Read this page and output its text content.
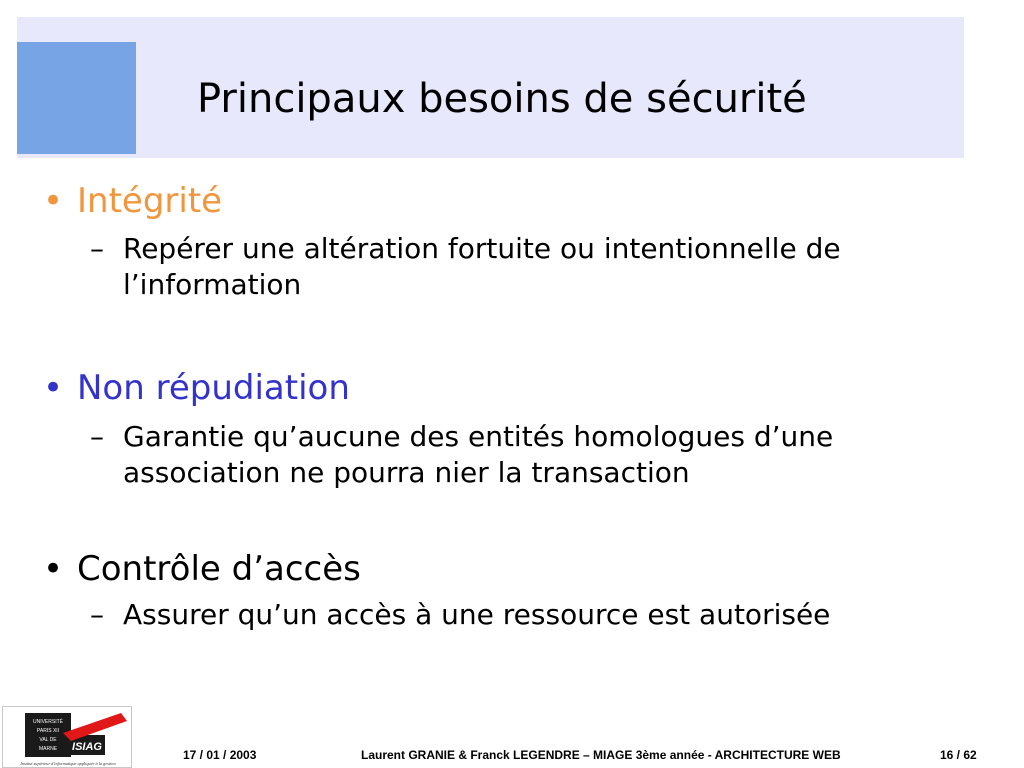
Principaux besoins de sécurité
• Intégrité
– Repérer une altération fortuite ou intentionnelle de l’information
• Non répudiation
– Garantie qu’aucune des entités homologues d’une association ne pourra nier la transaction
• Contrôle d’accès
– Assurer qu’un accès à une ressource est autorisée
UNIVERSITÉ
PARIS XII
VAL DE
MARNE ISIAG
Institut supérieur d'informatique appliquée à la gestion
17 / 01 / 2003	Laurent GRANIE & Franck LEGENDRE – MIAGE 3ème année - ARCHITECTURE WEB	16 / 62
